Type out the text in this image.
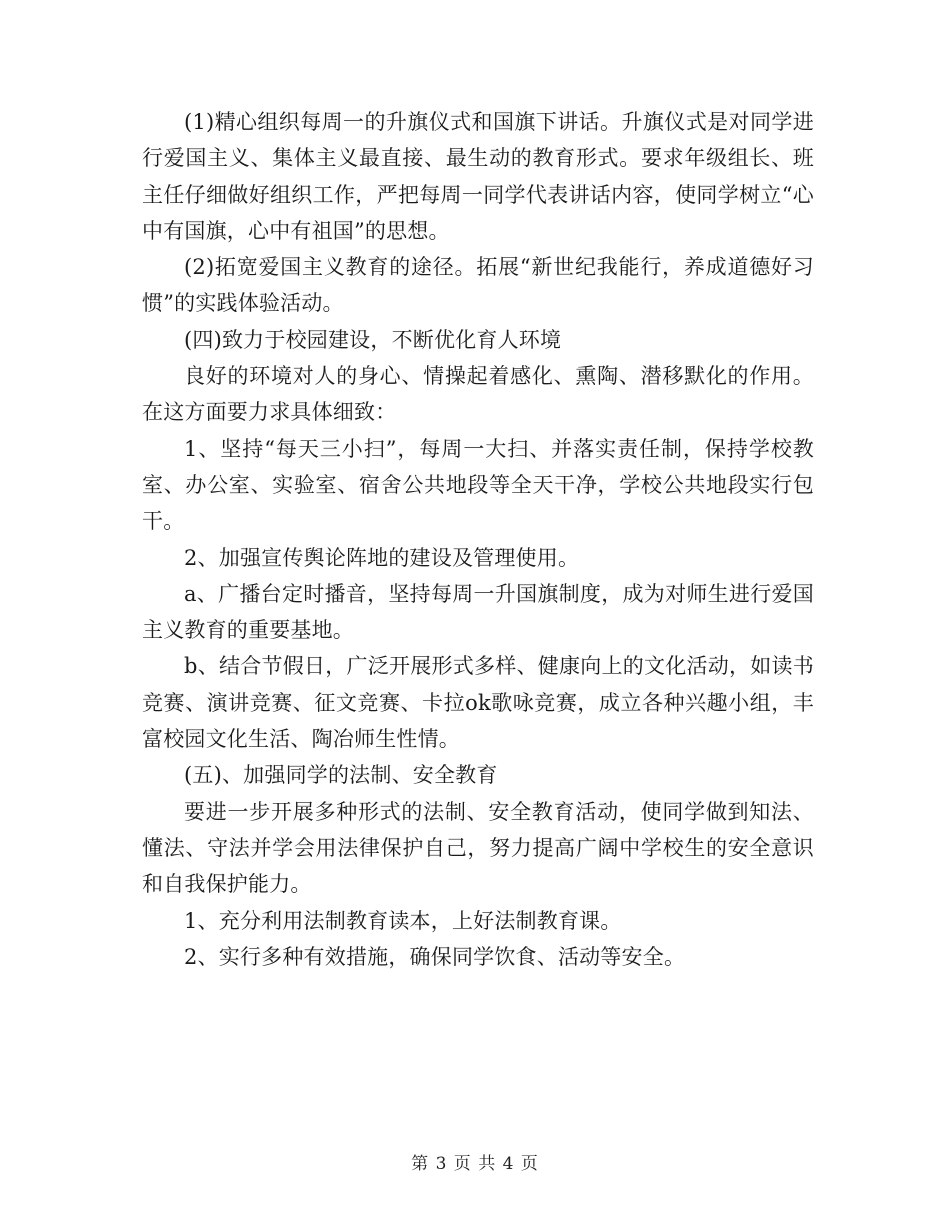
(1)精心组织每周一的升旗仪式和国旗下讲话。升旗仪式是对同学进行爱国主义、集体主义最直接、最生动的教育形式。要求年级组长、班主任仔细做好组织工作，严把每周一同学代表讲话内容，使同学树立“心中有国旗，心中有祖国”的思想。

(2)拓宽爱国主义教育的途径。拓展“新世纪我能行，养成道德好习惯”的实践体验活动。

(四)致力于校园建设，不断优化育人环境

良好的环境对人的身心、情操起着感化、熏陶、潜移默化的作用。在这方面要力求具体细致：

1、坚持“每天三小扫”，每周一大扫、并落实责任制，保持学校教室、办公室、实验室、宿舍公共地段等全天干净，学校公共地段实行包干。

2、加强宣传舆论阵地的建设及管理使用。

a、广播台定时播音，坚持每周一升国旗制度，成为对师生进行爱国主义教育的重要基地。

b、结合节假日，广泛开展形式多样、健康向上的文化活动，如读书竞赛、演讲竞赛、征文竞赛、卡拉ok歌咏竞赛，成立各种兴趣小组，丰富校园文化生活、陶冶师生性情。

(五)、加强同学的法制、安全教育

要进一步开展多种形式的法制、安全教育活动，使同学做到知法、懂法、守法并学会用法律保护自己，努力提高广阔中学校生的安全意识和自我保护能力。

1、充分利用法制教育读本，上好法制教育课。

2、实行多种有效措施，确保同学饮食、活动等安全。

第 3 页 共 4 页
